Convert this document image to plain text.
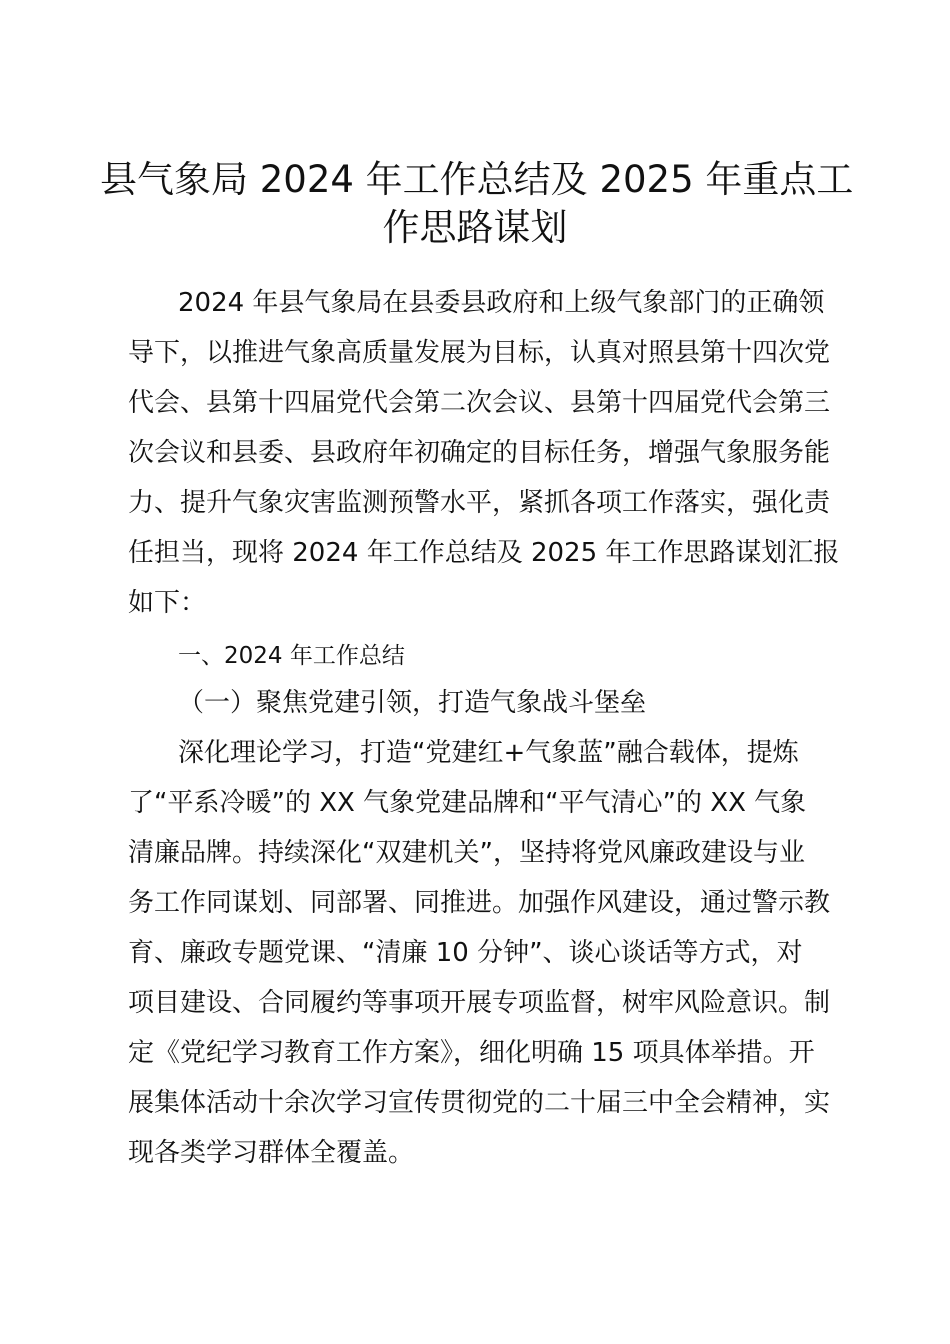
县气象局 2024 年工作总结及 2025 年重点工
作思路谋划
2024 年县气象局在县委县政府和上级气象部门的正确领
导下，以推进气象高质量发展为目标，认真对照县第十四次党
代会、县第十四届党代会第二次会议、县第十四届党代会第三
次会议和县委、县政府年初确定的目标任务，增强气象服务能
力、提升气象灾害监测预警水平，紧抓各项工作落实，强化责
任担当，现将 2024 年工作总结及 2025 年工作思路谋划汇报
如下：
一、2024 年工作总结
（一）聚焦党建引领，打造气象战斗堡垒
深化理论学习，打造“党建红+气象蓝”融合载体，提炼
了“平系冷暖”的 XX 气象党建品牌和“平气清心”的 XX 气象
清廉品牌。持续深化“双建机关”，坚持将党风廉政建设与业
务工作同谋划、同部署、同推进。加强作风建设，通过警示教
育、廉政专题党课、“清廉 10 分钟”、谈心谈话等方式，对
项目建设、合同履约等事项开展专项监督，树牢风险意识。制
定《党纪学习教育工作方案》，细化明确 15 项具体举措。开
展集体活动十余次学习宣传贯彻党的二十届三中全会精神，实
现各类学习群体全覆盖。
